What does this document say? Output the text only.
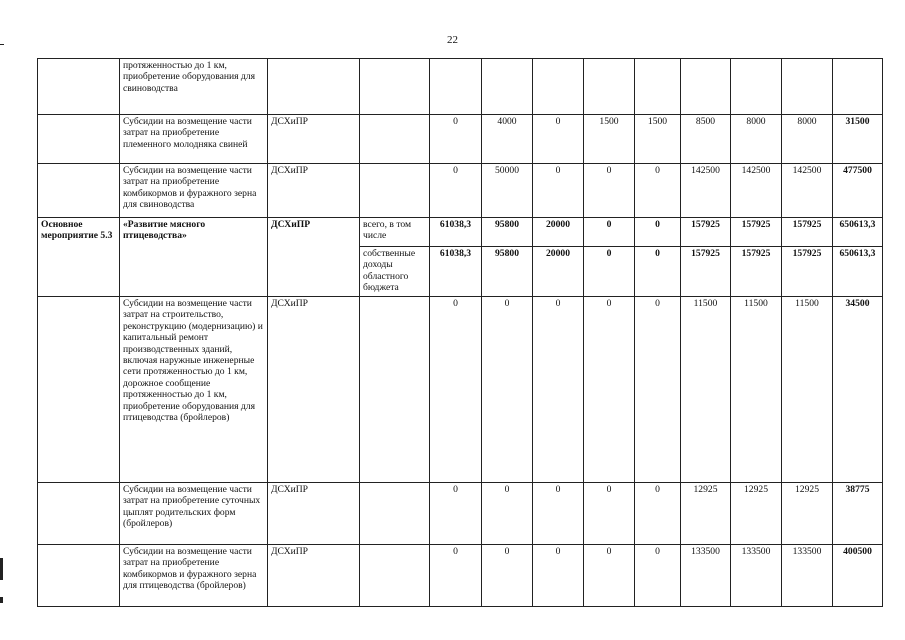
22
	протяженностью до 1 км, приобретение оборудования для свиноводства											
	Субсидии на возмещение части затрат на приобретение племенного молодняка свиней	ДСХиПР		0	4000	0	1500	1500	8500	8000	8000	31500
	Субсидии на возмещение части затрат на приобретение комбикормов и фуражного зерна для свиноводства	ДСХиПР		0	50000	0	0	0	142500	142500	142500	477500
Основное мероприятие 5.3	«Развитие мясного птицеводства»	ДСХиПР	всего, в том числе	61038,3	95800	20000	0	0	157925	157925	157925	650613,3
			собственные доходы областного бюджета	61038,3	95800	20000	0	0	157925	157925	157925	650613,3
	Субсидии на возмещение части затрат на строительство, реконструкцию (модернизацию) и капитальный ремонт производственных зданий, включая наружные инженерные сети протяженностью до 1 км, дорожное сообщение протяженностью до 1 км, приобретение оборудования для птицеводства (бройлеров)	ДСХиПР		0	0	0	0	0	11500	11500	11500	34500
	Субсидии на возмещение части затрат на приобретение суточных цыплят родительских форм (бройлеров)	ДСХиПР		0	0	0	0	0	12925	12925	12925	38775
	Субсидии на возмещение части затрат на приобретение комбикормов и фуражного зерна для птицеводства (бройлеров)	ДСХиПР		0	0	0	0	0	133500	133500	133500	400500
